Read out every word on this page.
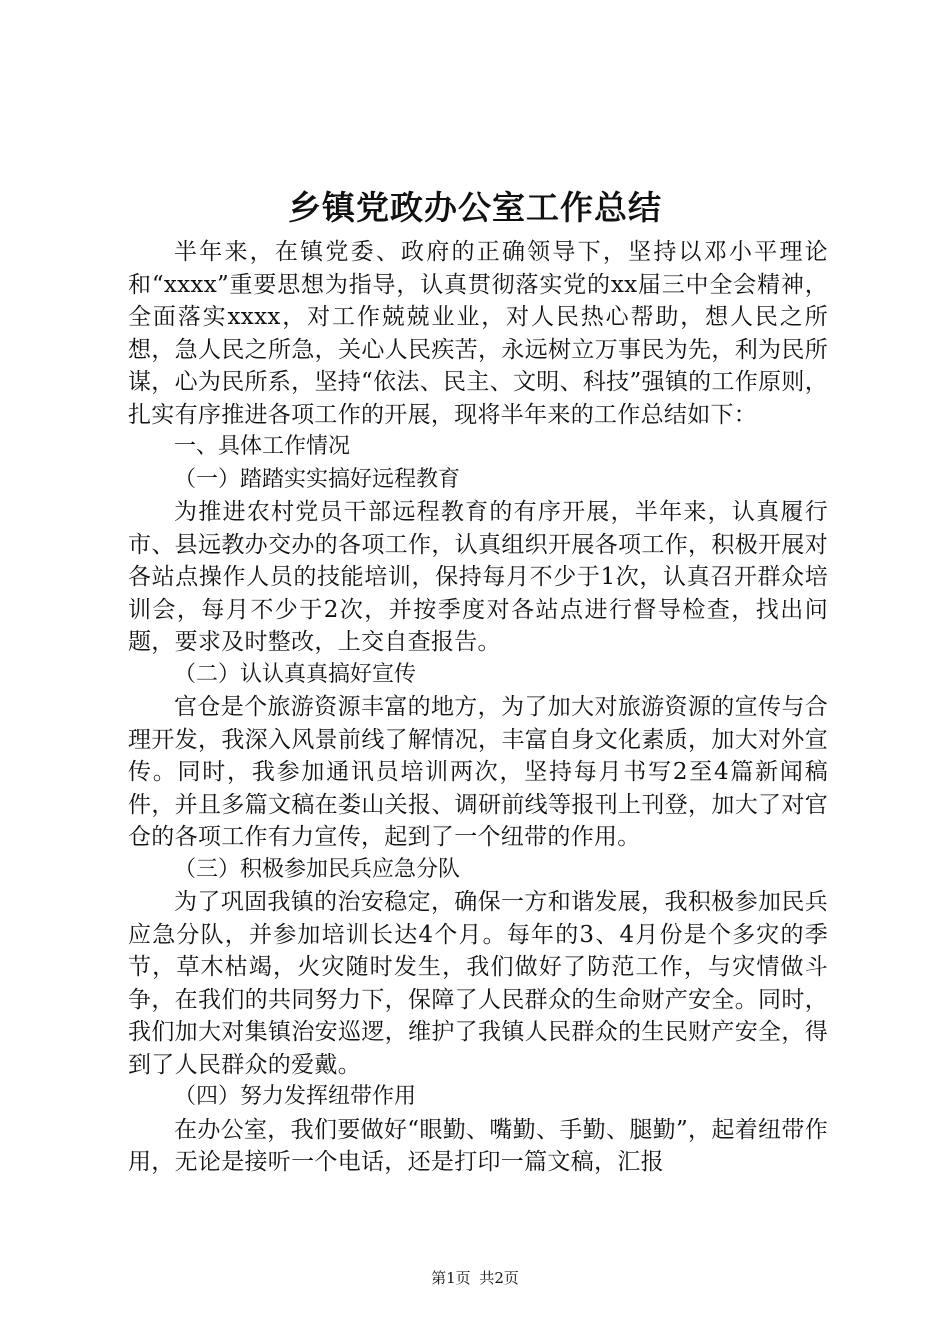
乡镇党政办公室工作总结

半年来，在镇党委、政府的正确领导下，坚持以邓小平理论和“xxxx”重要思想为指导，认真贯彻落实党的xx届三中全会精神，全面落实xxxx，对工作兢兢业业，对人民热心帮助，想人民之所想，急人民之所急，关心人民疾苦，永远树立万事民为先，利为民所谋，心为民所系，坚持“依法、民主、文明、科技”强镇的工作原则，扎实有序推进各项工作的开展，现将半年来的工作总结如下：

一、具体工作情况

（一）踏踏实实搞好远程教育

为推进农村党员干部远程教育的有序开展，半年来，认真履行市、县远教办交办的各项工作，认真组织开展各项工作，积极开展对各站点操作人员的技能培训，保持每月不少于1次，认真召开群众培训会，每月不少于2次，并按季度对各站点进行督导检查，找出问题，要求及时整改，上交自查报告。

（二）认认真真搞好宣传

官仓是个旅游资源丰富的地方，为了加大对旅游资源的宣传与合理开发，我深入风景前线了解情况，丰富自身文化素质，加大对外宣传。同时，我参加通讯员培训两次，坚持每月书写2至4篇新闻稿件，并且多篇文稿在娄山关报、调研前线等报刊上刊登，加大了对官仓的各项工作有力宣传，起到了一个纽带的作用。

（三）积极参加民兵应急分队

为了巩固我镇的治安稳定，确保一方和谐发展，我积极参加民兵应急分队，并参加培训长达4个月。每年的3、4月份是个多灾的季节，草木枯竭，火灾随时发生，我们做好了防范工作，与灾情做斗争，在我们的共同努力下，保障了人民群众的生命财产安全。同时，我们加大对集镇治安巡逻，维护了我镇人民群众的生民财产安全，得到了人民群众的爱戴。

（四）努力发挥纽带作用

在办公室，我们要做好“眼勤、嘴勤、手勤、腿勤”，起着纽带作用，无论是接听一个电话，还是打印一篇文稿，汇报

第1页 共2页
